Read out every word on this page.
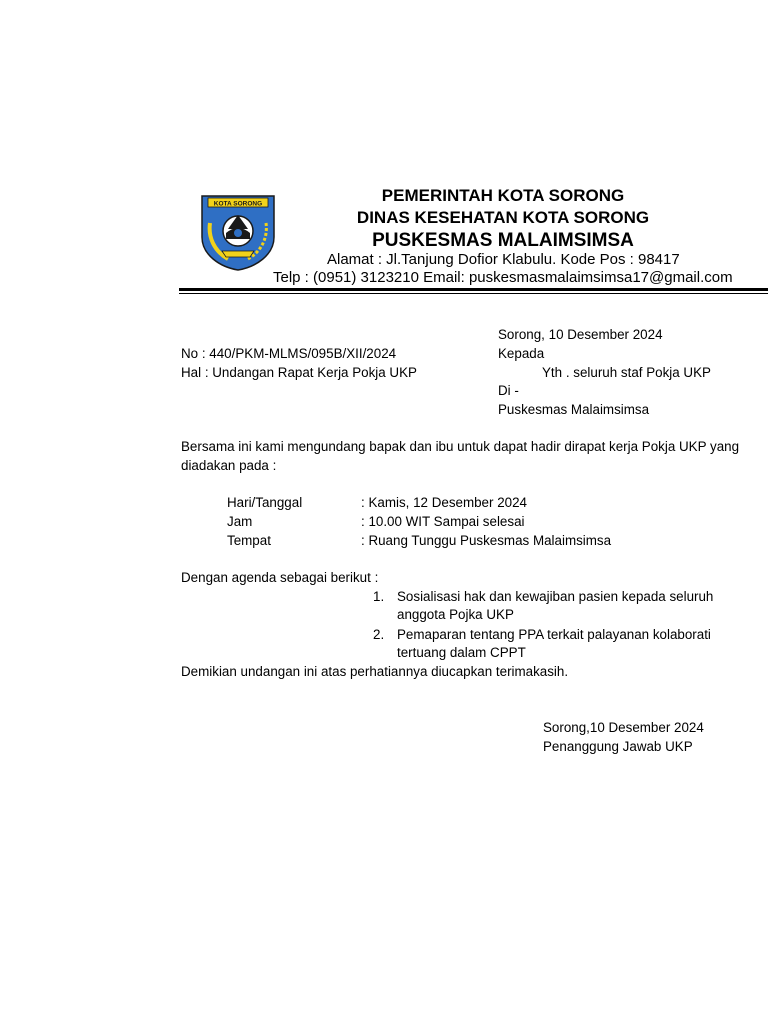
KOTA SORONG	PEMERINTAH KOTA SORONG
DINAS KESEHATAN KOTA SORONG
PUSKESMAS MALAIMSIMSA
Alamat : Jl.Tanjung Dofior Klabulu. Kode Pos : 98417
Telp : (0951) 3123210 Email: puskesmasmalaimsimsa17@gmail.com
Sorong, 10 Desember 2024
No : 440/PKM-MLMS/095B/XII/2024	Kepada
Hal : Undangan Rapat Kerja Pokja UKP	Yth . seluruh staf Pokja UKP
Di -
Puskesmas Malaimsimsa
Bersama ini kami mengundang bapak dan ibu untuk dapat hadir dirapat kerja Pokja UKP yang
diadakan pada :
Hari/Tanggal	: Kamis, 12 Desember 2024
Jam	: 10.00 WIT Sampai selesai
Tempat	: Ruang Tunggu Puskesmas Malaimsimsa
Dengan agenda sebagai berikut :
1. Sosialisasi hak dan kewajiban pasien kepada seluruh
anggota Pojka UKP
2. Pemaparan tentang PPA terkait palayanan kolaborati
tertuang dalam CPPT
Demikian undangan ini atas perhatiannya diucapkan terimakasih.
Sorong,10 Desember 2024
Penanggung Jawab UKP
